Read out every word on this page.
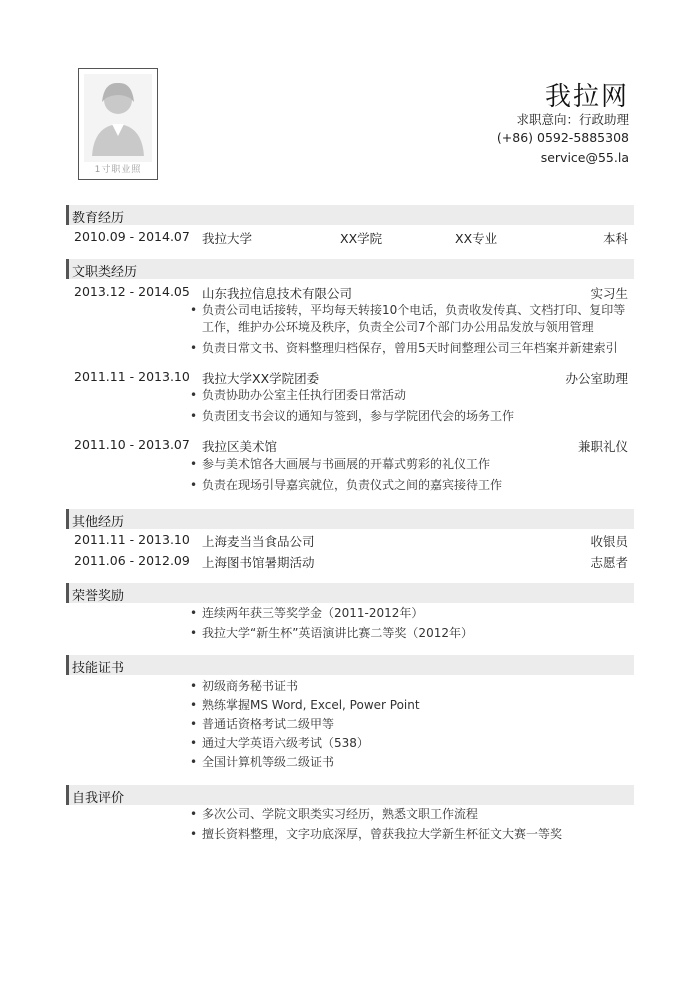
1寸职业照
我拉网
求职意向：行政助理
(+86) 0592-5885308
service@55.la
教育经历
2010.09 - 2014.07 我拉大学	XX学院	XX专业	本科
文职类经历
2013.12 - 2014.05 山东我拉信息技术有限公司	实习生
• 负责公司电话接转，平均每天转接10个电话，负责收发传真、文档打印、复印等工作，维护办公环境及秩序，负责全公司7个部门办公用品发放与领用管理
• 负责日常文书、资料整理归档保存，曾用5天时间整理公司三年档案并新建索引
2011.11 - 2013.10 我拉大学XX学院团委	办公室助理
• 负责协助办公室主任执行团委日常活动
• 负责团支书会议的通知与签到，参与学院团代会的场务工作
2011.10 - 2013.07 我拉区美术馆	兼职礼仪
• 参与美术馆各大画展与书画展的开幕式剪彩的礼仪工作
• 负责在现场引导嘉宾就位，负责仪式之间的嘉宾接待工作
其他经历
2011.11 - 2013.10 上海麦当当食品公司	收银员
2011.06 - 2012.09 上海图书馆暑期活动	志愿者
荣誉奖励
• 连续两年获三等奖学金（2011-2012年）
• 我拉大学“新生杯”英语演讲比赛二等奖（2012年）
技能证书
• 初级商务秘书证书
• 熟练掌握MS Word, Excel, Power Point
• 普通话资格考试二级甲等
• 通过大学英语六级考试（538）
• 全国计算机等级二级证书
自我评价
• 多次公司、学院文职类实习经历，熟悉文职工作流程
• 擅长资料整理，文字功底深厚，曾获我拉大学新生杯征文大赛一等奖
